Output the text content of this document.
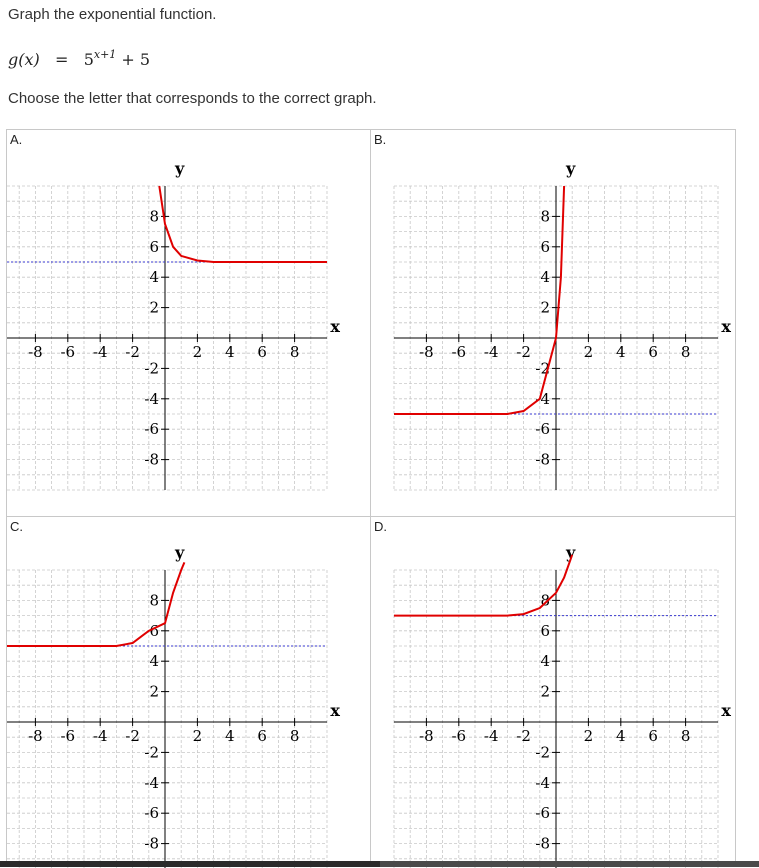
Graph the exponential function.
$g(x) = 5^{x+1} + 5$
Choose the letter that corresponds to the correct graph.
A.
-8 -6 -4 -2	2 4 6 8
8
6
4
2
-2
-4
-6
-8
x
y
B.
-8 -6 -4 -2	2 4 6 8
8
6
4
2
-2
-4
-6
-8
x
y
C.
-8 -6 -4 -2	2 4 6 8
8
6
4
2
-2
-4
-6
-8
x
y
D.
-8 -6 -4 -2	2 4 6 8
8
6
4
2
-2
-4
-6
-8
x
y
